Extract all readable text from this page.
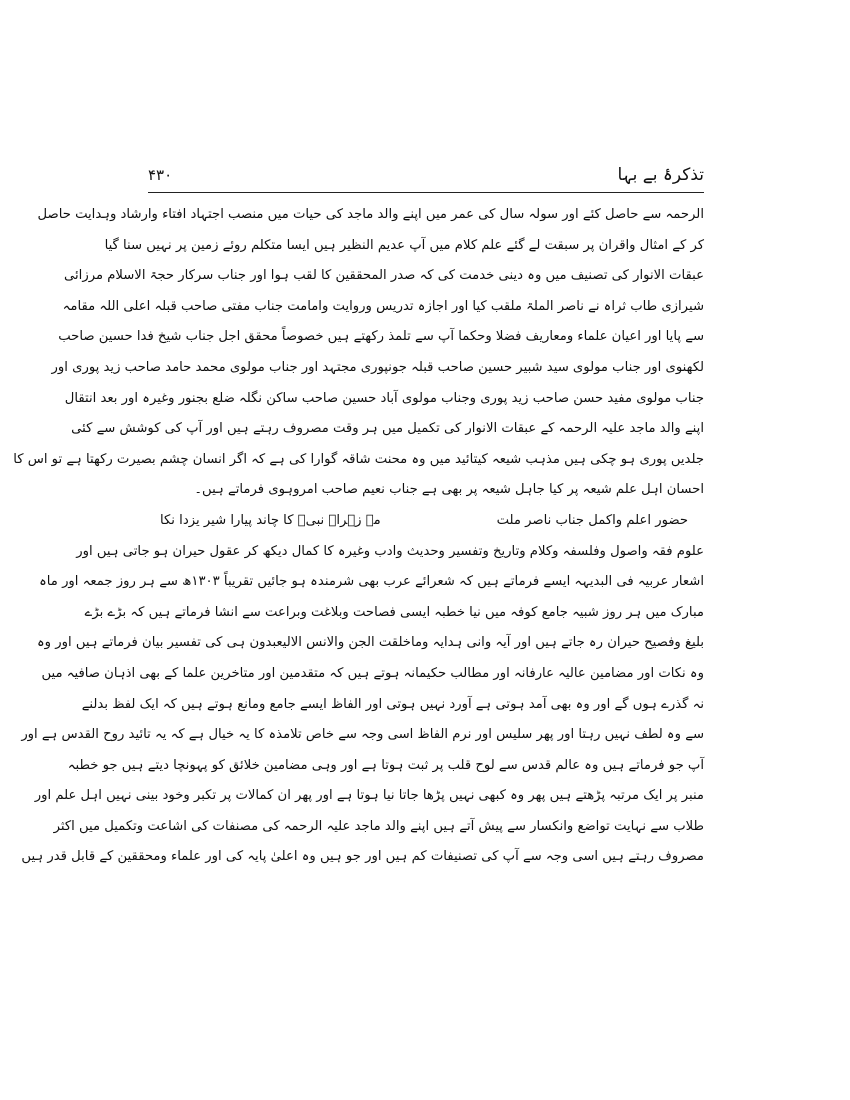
تذکرۂ بے بہا
۴۳۰
الرحمہ سے حاصل کئے اور سولہ سال کی عمر میں اپنے والد ماجد کی حیات میں منصب اجتہاد افتاء وارشاد وہدایت حاصل
کر کے امثال واقران پر سبقت لے گئے علم کلام میں آپ عدیم النظیر ہیں ایسا متکلم روئے زمین پر نہیں سنا گیا
عبقات الانوار کی تصنیف میں وہ دینی خدمت کی کہ صدر المحققین کا لقب ہوا اور جناب سرکار حجۃ الاسلام مرزائی
شیرازی طاب ثراہ نے ناصر الملۃ ملقب کیا اور اجازہ تدریس وروایت وامامت جناب مفتی صاحب قبلہ اعلی اللہ مقامہ
سے پایا اور اعیان علماء ومعاریف فضلا وحکما آپ سے تلمذ رکھتے ہیں خصوصاً محقق اجل جناب شیخ فدا حسین صاحب
لکھنوی اور جناب مولوی سید شبیر حسین صاحب قبلہ جونپوری مجتہد اور جناب مولوی محمد حامد صاحب زید پوری اور
جناب مولوی مفید حسن صاحب زید پوری وجناب مولوی آباد حسین صاحب ساکن نگلہ ضلع بجنور وغیرہ اور بعد انتقال
اپنے والد ماجد علیہ الرحمہ کے عبقات الانوار کی تکمیل میں ہر وقت مصروف رہتے ہیں اور آپ کی کوشش سے کئی
جلدیں پوری ہو چکی ہیں مذہب شیعہ کیتائید میں وہ محنت شاقہ گوارا کی ہے کہ اگر انسان چشم بصیرت رکھتا ہے تو اس کا
احسان اہل علم شیعہ پر کیا جاہل شیعہ پر بھی ہے جناب نعیم صاحب امروہوی فرماتے ہیں۔
حضور اعلم واکمل جناب ناصر ملت
مہ زہراؑ نبیؐ کا چاند پیارا شیر یزدا نکا
علوم فقہ واصول وفلسفہ وکلام وتاریخ وتفسیر وحدیث وادب وغیرہ کا کمال دیکھ کر عقول حیران ہو جاتی ہیں اور
اشعار عربیہ فی البدیہہ ایسے فرماتے ہیں کہ شعرائے عرب بھی شرمندہ ہو جائیں تقریباً ۱۳۰۳ھ سے ہر روز جمعہ اور ماہ
مبارک میں ہر روز شبیہ جامع کوفہ میں نیا خطبہ ایسی فصاحت وبلاغت وبراعت سے انشا فرماتے ہیں کہ بڑے بڑے
بلیغ وفصیح حیران رہ جاتے ہیں اور آیہ وانی ہدایہ وماخلقت الجن والانس الالیعبدون ہی کی تفسیر بیان فرماتے ہیں اور وہ
وہ نکات اور مضامین عالیہ عارفانہ اور مطالب حکیمانہ ہوتے ہیں کہ متقدمین اور متاخرین علما کے بھی اذہان صافیہ میں
نہ گذرے ہوں گے اور وہ بھی آمد ہوتی ہے آورد نہیں ہوتی اور الفاظ ایسے جامع ومانع ہوتے ہیں کہ ایک لفظ بدلنے
سے وہ لطف نہیں رہتا اور پھر سلیس اور نرم الفاظ اسی وجہ سے خاص تلامذہ کا یہ خیال ہے کہ یہ تائید روح القدس ہے اور
آپ جو فرماتے ہیں وہ عالم قدس سے لوح قلب پر ثبت ہوتا ہے اور وہی مضامین خلائق کو پہونچا دیتے ہیں جو خطبہ
منبر پر ایک مرتبہ پڑھتے ہیں پھر وہ کبھی نہیں پڑھا جاتا نیا ہوتا ہے اور پھر ان کمالات پر تکبر وخود بینی نہیں اہل علم اور
طلاب سے نہایت تواضع وانکسار سے پیش آتے ہیں اپنے والد ماجد علیہ الرحمہ کی مصنفات کی اشاعت وتکمیل میں اکثر
مصروف رہتے ہیں اسی وجہ سے آپ کی تصنیفات کم ہیں اور جو ہیں وہ اعلیٰ پایہ کی اور علماء ومحققین کے قابل قدر ہیں
